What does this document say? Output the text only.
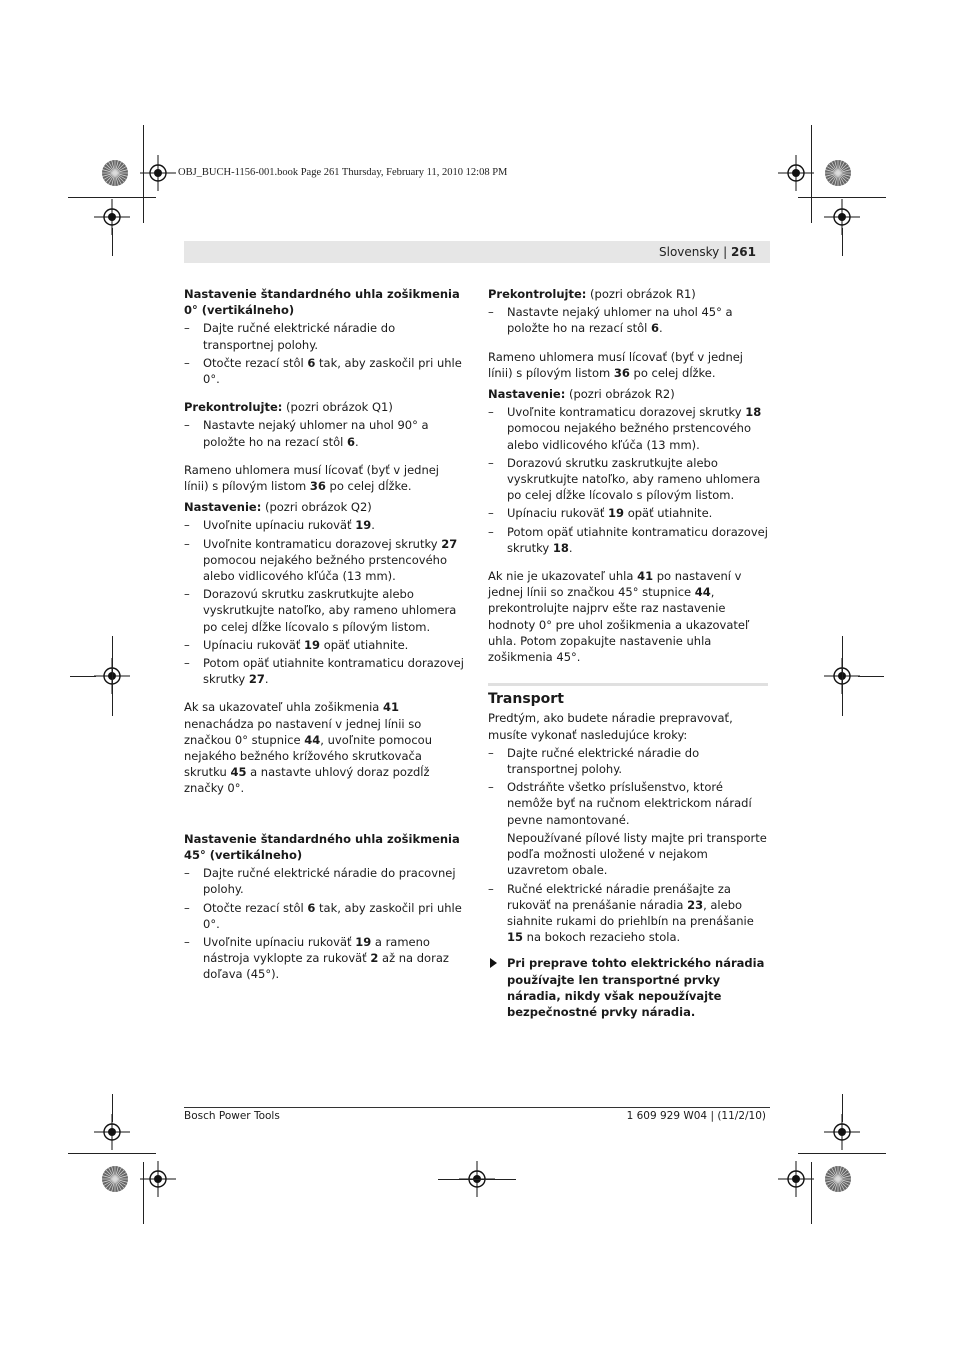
OBJ_BUCH-1156-001.book Page 261 Thursday, February 11, 2010 12:08 PM
Slovensky | 261

Nastavenie štandardného uhla zošikmenia 0° (vertikálneho)

– Dajte ručné elektrické náradie do transportnej polohy.
– Otočte rezací stôl 6 tak, aby zaskočil pri uhle 0°.

Prekontrolujte: (pozri obrázok Q1)

– Nastavte nejaký uhlomer na uhol 90° a položte ho na rezací stôl 6.

Rameno uhlomera musí lícovať (byť v jednej línii) s pílovým listom 36 po celej dĺžke.

Nastavenie: (pozri obrázok Q2)

– Uvoľnite upínaciu rukoväť 19.
– Uvoľnite kontramaticu dorazovej skrutky 27 pomocou nejakého bežného prstencového alebo vidlicového kľúča (13 mm).
– Dorazovú skrutku zaskrutkujte alebo vyskrutkujte natoľko, aby rameno uhlomera po celej dĺžke lícovalo s pílovým listom.
– Upínaciu rukoväť 19 opäť utiahnite.
– Potom opäť utiahnite kontramaticu dorazovej skrutky 27.

Ak sa ukazovateľ uhla zošikmenia 41 nenachádza po nastavení v jednej línii so značkou 0° stupnice 44, uvoľnite pomocou nejakého bežného krížového skrutkovača skrutku 45 a nastavte uhlový doraz pozdĺž značky 0°.

Nastavenie štandardného uhla zošikmenia 45° (vertikálneho)

– Dajte ručné elektrické náradie do pracovnej polohy.
– Otočte rezací stôl 6 tak, aby zaskočil pri uhle 0°.
– Uvoľnite upínaciu rukoväť 19 a rameno nástroja vyklopte za rukoväť 2 až na doraz doľava (45°).

Prekontrolujte: (pozri obrázok R1)

– Nastavte nejaký uhlomer na uhol 45° a položte ho na rezací stôl 6.

Rameno uhlomera musí lícovať (byť v jednej línii) s pílovým listom 36 po celej dĺžke.

Nastavenie: (pozri obrázok R2)

– Uvoľnite kontramaticu dorazovej skrutky 18 pomocou nejakého bežného prstencového alebo vidlicového kľúča (13 mm).
– Dorazovú skrutku zaskrutkujte alebo vyskrutkujte natoľko, aby rameno uhlomera po celej dĺžke lícovalo s pílovým listom.
– Upínaciu rukoväť 19 opäť utiahnite.
– Potom opäť utiahnite kontramaticu dorazovej skrutky 18.

Ak nie je ukazovateľ uhla 41 po nastavení v jednej línii so značkou 45° stupnice 44, prekontrolujte najprv ešte raz nastavenie hodnoty 0° pre uhol zošikmenia a ukazovateľ uhla. Potom zopakujte nastavenie uhla zošikmenia 45°.

Transport

Predtým, ako budete náradie prepravovať, musíte vykonať nasledujúce kroky:

– Dajte ručné elektrické náradie do transportnej polohy.
– Odstráňte všetko príslušenstvo, ktoré nemôže byť na ručnom elektrickom náradí pevne namontované.

Nepoužívané pílové listy majte pri transporte podľa možnosti uložené v nejakom uzavretom obale.

– Ručné elektrické náradie prenášajte za rukoväť na prenášanie náradia 23, alebo siahnite rukami do priehlbín na prenášanie 15 na bokoch rezacieho stola.
Pri preprave tohto elektrického náradia používajte len transportné prvky náradia, nikdy však nepoužívajte bezpečnostné prvky náradia.
Bosch Power Tools	1 609 929 W04 | (11/2/10)
